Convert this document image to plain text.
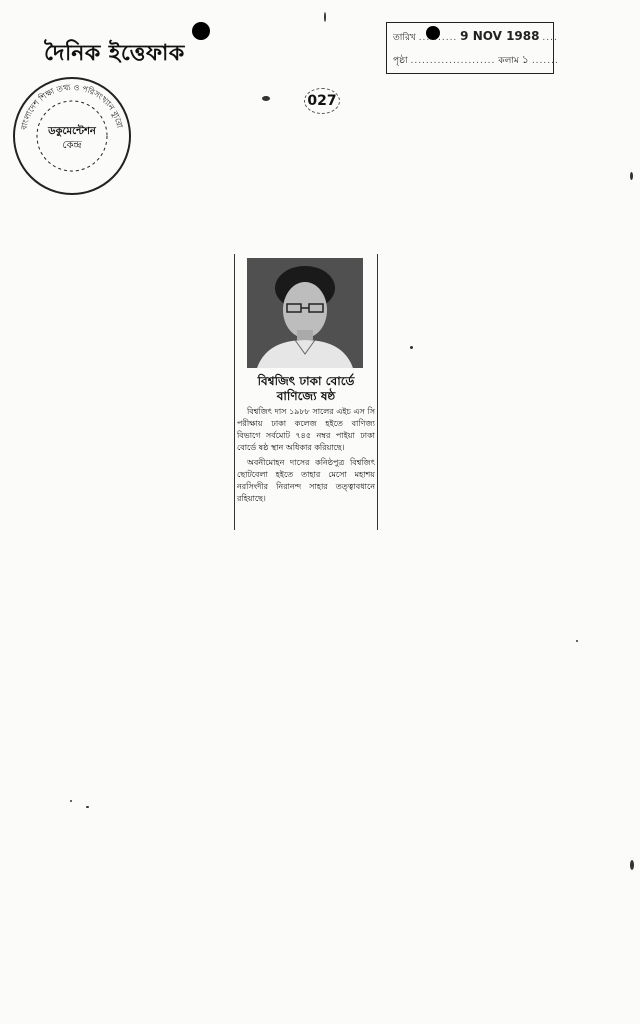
দৈনিক ইত্তেফাক
তারিখ .......... 9 NOV 1988 ....
পৃষ্ঠা ...................... কলাম ১ .......
বাংলাদেশ শিক্ষা তথ্য ও পরিসংখ্যান ব্যুরো
ডকুমেন্টেশন
কেন্দ্র
027
বিশ্বজিৎ ঢাকা বোর্ডে
বাণিজ্যে ষষ্ঠ

বিশ্বজিৎ দাস ১৯৮৮ সালের এইচ এস সি পরীক্ষায় ঢাকা কলেজ হইতে বাণিজ্য বিভাগে সর্বমোট ৭৪৫ নম্বর পাইয়া ঢাকা বোর্ডে ষষ্ঠ স্থান অধিকার করিয়াছে।

অবনীমোহন দাসের কনিষ্ঠপুত্র বিশ্বজিৎ ছোটবেলা হইতে তাহার মেসো মহাশয় নরসিংদীর নিরানন্দ সাহার তত্ত্বাবধানে রহিয়াছে।
